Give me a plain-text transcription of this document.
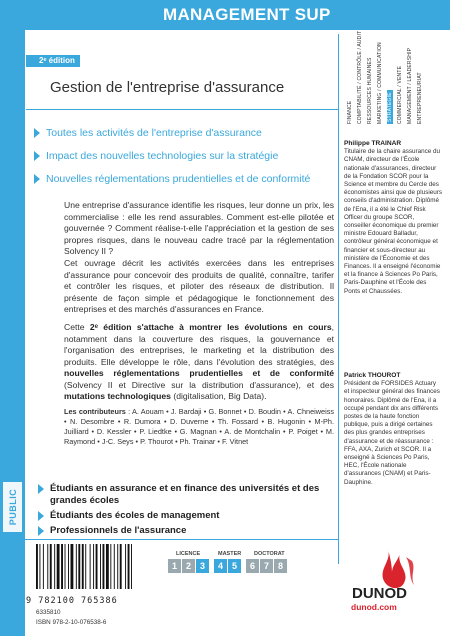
PUBLIC
MANAGEMENT SUP
2ᵉ édition
Gestion de l'entreprise d'assurance
Toutes les activités de l'entreprise d'assurance
Impact des nouvelles technologies sur la stratégie
Nouvelles réglementations prudentielles et de conformité

Une entreprise d'assurance identifie les risques, leur donne un prix, les commercialise : elle les rend assurables. Comment est-elle pilotée et gouvernée ? Comment réalise-t-elle l'appréciation et la gestion de ses propres risques, dans le nouveau cadre tracé par la réglementation Solvency II ?

Cet ouvrage décrit les activités exercées dans les entreprises d'assurance pour concevoir des produits de qualité, connaître, tarifer et contrôler les risques, et piloter des réseaux de distribution. Il présente de façon simple et pédagogique le fonctionnement des entreprises et des marchés d'assurances en France.

Cette 2ᵉ édition s'attache à montrer les évolutions en cours, notamment dans la couverture des risques, la gouvernance et l'organisation des entreprises, le marketing et la distribution des produits. Elle développe le rôle, dans l'évolution des stratégies, des nouvelles réglementations prudentielles et de conformité (Solvency II et Directive sur la distribution d'assurance), et des mutations technologiques (digitalisation, Big Data).

Les contributeurs : A. Aouam • J. Bardaji • G. Bonnet • D. Boudin • A. Chneiweiss • N. Desombre • R. Dumora • D. Duverne • Th. Fossard • B. Hugonin • M-Ph. Juilliard • D. Kessler • P. Liedtke • G. Magnan • A. de Montchalin • P. Poiget • M. Raymond • J-C. Seys • P. Thourot • Ph. Trainar • F. Vitnet

FINANCE COMPTABILITÉ / CONTRÔLE / AUDIT RESSOURCES HUMAINES MARKETING / COMMUNICATION STRATÉGIE COMMERCIAL / VENTE MANAGEMENT / LEADERSHIP ENTREPRENEURIAT
Philippe TRAINAR
Titulaire de la chaire assurance du CNAM, directeur de l'École nationale d'assurances, directeur de la Fondation SCOR pour la Science et membre du Cercle des économistes ainsi que de plusieurs conseils d'administration. Diplômé de l'Ena, il a été le Chief Risk Officer du groupe SCOR, conseiller économique du premier ministre Edouard Balladur, contrôleur général économique et financier et sous-directeur au ministère de l'Économie et des Finances. Il a enseigné l'économie et la finance à Sciences Po Paris, Paris-Dauphine et l'École des Ponts et Chaussées.
Patrick THOUROT
Président de FORSIDES Actuary et inspecteur général des finances honoraires. Diplômé de l'Ena, il a occupé pendant dix ans différents postes de la haute fonction publique, puis a dirigé certaines des plus grandes entreprises d'assurance et de réassurance : FFA, AXA, Zurich et SCOR. Il a enseigné à Sciences Po Paris, HEC, l'École nationale d'assurances (CNAM) et Paris-Dauphine.
Étudiants en assurance et en finance des universités et des grandes écoles
Étudiants des écoles de management
Professionnels de l'assurance
9 782100 765386
6335810
ISBN 978-2-10-076538-6
LICENCE	MASTER DOCTORAT
1 2 3	4 5	6 7 8
DUNOD
dunod.com
